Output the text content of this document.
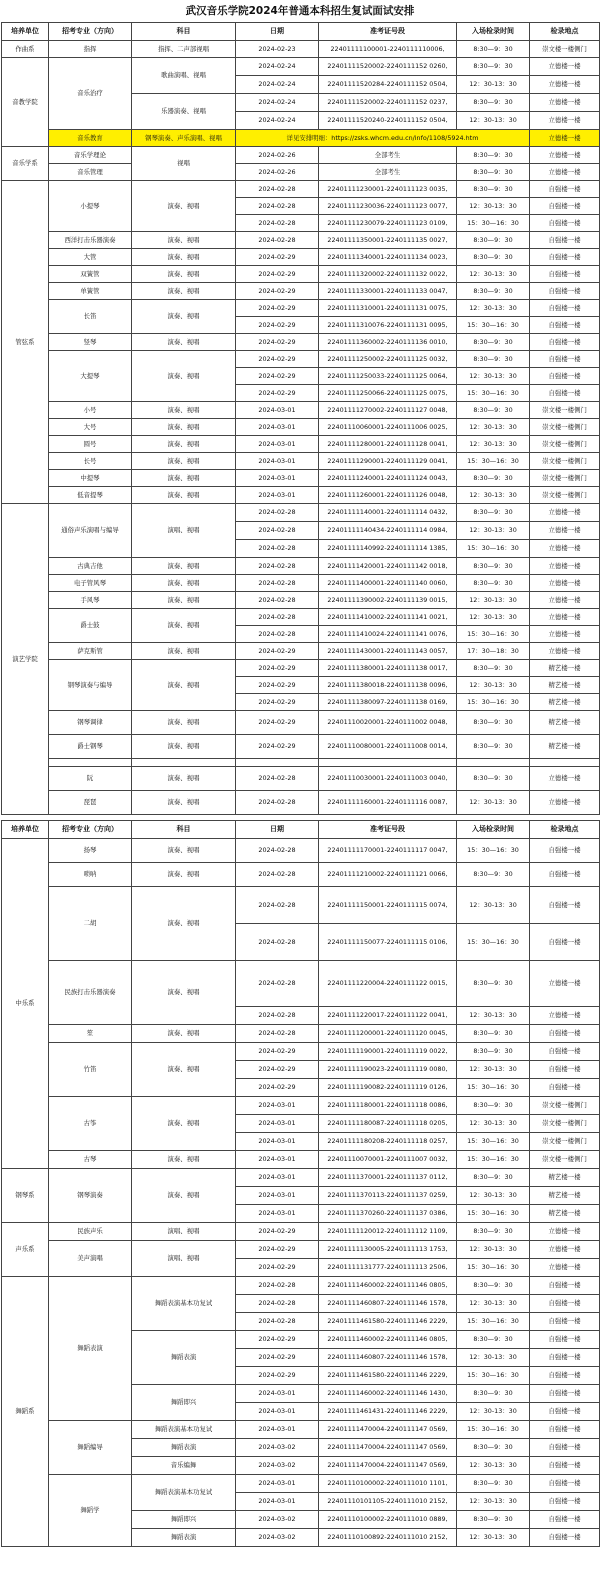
武汉音乐学院2024年普通本科招生复试面试安排
培养单位	招考专业（方向）	科目	日期	准考证号段	入场检录时间	检录地点
作曲系	指挥	指挥、二声部视唱	2024-02-23	22401111100001-2240111110006,	8:30—9：30	崇文楼一楼侧门
音教学院	音乐治疗	歌曲演唱、视唱	2024-02-24	22401111520002-2240111152 0260,	8:30—9：30	立德楼一楼
			2024-02-24	22401111520284-2240111152 0504,	12：30-13：30	立德楼一楼
		乐器演奏、视唱	2024-02-24	22401111520002-2240111152 0237,	8:30—9：30	立德楼一楼
			2024-02-24	22401111520240-2240111152 0504,	12：30-13：30	立德楼一楼
	音乐教育	钢琴演奏、声乐演唱、视唱	详见安排明细：https://zsks.whcm.edu.cn/info/1108/5924.htm			立德楼一楼
音乐学系	音乐学理论	视唱	2024-02-26	全部考生	8:30—9：30	立德楼一楼
	音乐管理		2024-02-26	全部考生	8:30—9：30	立德楼一楼
管弦系	小提琴	演奏、视唱	2024-02-28	22401111230001-2240111123 0035,	8:30—9：30	自强楼一楼
			2024-02-28	22401111230036-2240111123 0077,	12：30-13：30	自强楼一楼
			2024-02-28	22401111230079-2240111123 0109,	15：30—16：30	自强楼一楼
	西洋打击乐器演奏	演奏、视唱	2024-02-28	22401111350001-2240111135 0027,	8:30—9：30	自强楼一楼
	大管	演奏、视唱	2024-02-29	22401111340001-2240111134 0023,	8:30—9：30	自强楼一楼
	双簧管	演奏、视唱	2024-02-29	22401111320002-2240111132 0022,	12：30-13：30	自强楼一楼
	单簧管	演奏、视唱	2024-02-29	22401111330001-2240111133 0047,	8:30—9：30	自强楼一楼
	长笛	演奏、视唱	2024-02-29	22401111310001-2240111131 0075,	12：30-13：30	自强楼一楼
			2024-02-29	22401111310076-2240111131 0095,	15：30—16：30	自强楼一楼
	竖琴	演奏、视唱	2024-02-29	22401111360002-2240111136 0010,	8:30—9：30	自强楼一楼
	大提琴	演奏、视唱	2024-02-29	22401111250002-2240111125 0032,	8:30—9：30	自强楼一楼
			2024-02-29	22401111250033-2240111125 0064,	12：30-13：30	自强楼一楼
			2024-02-29	22401111250066-2240111125 0075,	15：30—16：30	自强楼一楼
	小号	演奏、视唱	2024-03-01	22401111270002-2240111127 0048,	8:30—9：30	崇文楼一楼侧门
	大号	演奏、视唱	2024-03-01	22401110060001-2240111006 0025,	12：30-13：30	崇文楼一楼侧门
	圆号	演奏、视唱	2024-03-01	22401111280001-2240111128 0041,	12：30-13：30	崇文楼一楼侧门
	长号	演奏、视唱	2024-03-01	22401111290001-2240111129 0041,	15：30—16：30	崇文楼一楼侧门
	中提琴	演奏、视唱	2024-03-01	22401111240001-2240111124 0043,	8:30—9：30	崇文楼一楼侧门
	低音提琴	演奏、视唱	2024-03-01	22401111260001-2240111126 0048,	12：30-13：30	崇文楼一楼侧门
演艺学院	通俗声乐演唱与编导	演唱、视唱	2024-02-28	22401111140001-2240111114 0432,	8:30—9：30	立德楼一楼
			2024-02-28	22401111140434-2240111114 0984,	12：30-13：30	立德楼一楼
			2024-02-28	22401111140992-2240111114 1385,	15：30—16：30	立德楼一楼
	古典吉他	演奏、视唱	2024-02-28	22401111420001-2240111142 0018,	8:30—9：30	立德楼一楼
	电子管风琴	演奏、视唱	2024-02-28	22401111400001-2240111140 0060,	8:30—9：30	立德楼一楼
	手风琴	演奏、视唱	2024-02-28	22401111390002-2240111139 0015,	12：30-13：30	立德楼一楼
	爵士鼓	演奏、视唱	2024-02-28	22401111410002-2240111141 0021,	12：30-13：30	立德楼一楼
			2024-02-28	22401111410024-2240111141 0076,	15：30—16：30	立德楼一楼
	萨克斯管	演奏、视唱	2024-02-29	22401111430001-2240111143 0057,	17：30—18：30	立德楼一楼
	钢琴演奏与编导	演奏、视唱	2024-02-29	22401111380001-2240111138 0017,	8:30—9：30	精艺楼一楼
			2024-02-29	22401111380018-2240111138 0096,	12：30-13：30	精艺楼一楼
			2024-02-29	22401111380097-2240111138 0169,	15：30—16：30	精艺楼一楼
	钢琴调律	演奏、视唱	2024-02-29	22401110020001-2240111002 0048,	8:30—9：30	精艺楼一楼
	爵士钢琴	演奏、视唱	2024-02-29	22401110080001-2240111008 0014,	8:30—9：30	精艺楼一楼

	阮	演奏、视唱	2024-02-28	22401110030001-2240111003 0040,	8:30—9：30	立德楼一楼
	琵琶	演奏、视唱	2024-02-28	22401111160001-2240111116 0087,	12：30-13：30	立德楼一楼
培养单位	招考专业（方向）	科目	日期	准考证号段	入场检录时间	检录地点
中乐系	扬琴	演奏、视唱	2024-02-28	22401111170001-2240111117 0047,	15：30—16：30	自强楼一楼
	唢呐	演奏、视唱	2024-02-28	22401111210002-2240111121 0066,	8:30—9：30	自强楼一楼
	二胡	演奏、视唱	2024-02-28	22401111150001-2240111115 0074,	12：30-13：30	自强楼一楼
			2024-02-28	22401111150077-2240111115 0106,	15：30—16：30	自强楼一楼
	民族打击乐器演奏	演奏、视唱	2024-02-28	22401111220004-2240111122 0015,	8:30—9：30	立德楼一楼
			2024-02-28	22401111220017-2240111122 0041,	12：30-13：30	立德楼一楼
	笙	演奏、视唱	2024-02-28	22401111200001-2240111120 0045,	8:30—9：30	自强楼一楼
	竹笛	演奏、视唱	2024-02-29	22401111190001-2240111119 0022,	8:30—9：30	自强楼一楼
			2024-02-29	22401111190023-2240111119 0080,	12：30-13：30	自强楼一楼
			2024-02-29	22401111190082-2240111119 0126,	15：30—16：30	自强楼一楼
	古筝	演奏、视唱	2024-03-01	22401111180001-2240111118 0086,	8:30—9：30	崇文楼一楼侧门
			2024-03-01	22401111180087-2240111118 0205,	12：30-13：30	崇文楼一楼侧门
			2024-03-01	22401111180208-2240111118 0257,	15：30—16：30	崇文楼一楼侧门
	古琴	演奏、视唱	2024-03-01	22401110070001-2240111007 0032,	15：30—16：30	崇文楼一楼侧门
钢琴系	钢琴演奏	演奏、视唱	2024-03-01	22401111370001-2240111137 0112,	8:30—9：30	精艺楼一楼
			2024-03-01	22401111370113-2240111137 0259,	12：30-13：30	精艺楼一楼
			2024-03-01	22401111370260-2240111137 0386,	15：30—16：30	精艺楼一楼
声乐系	民族声乐	演唱、视唱	2024-02-29	22401111120012-2240111112 1109,	8:30—9：30	立德楼一楼
	美声演唱	演唱、视唱	2024-02-29	22401111130005-2240111113 1753,	12：30-13：30	立德楼一楼
			2024-02-29	22401111131777-2240111113 2506,	15：30—16：30	立德楼一楼
舞蹈系	舞蹈表演	舞蹈表演基本功复试	2024-02-28	22401111460002-2240111146 0805,	8:30—9：30	自强楼一楼
			2024-02-28	22401111460807-2240111146 1578,	12：30-13：30	自强楼一楼
			2024-02-28	22401111461580-2240111146 2229,	15：30—16：30	自强楼一楼
		舞蹈表演	2024-02-29	22401111460002-2240111146 0805,	8:30—9：30	自强楼一楼
			2024-02-29	22401111460807-2240111146 1578,	12：30-13：30	自强楼一楼
			2024-02-29	22401111461580-2240111146 2229,	15：30—16：30	自强楼一楼
		舞蹈即兴	2024-03-01	22401111460002-2240111146 1430,	8:30—9：30	自强楼一楼
			2024-03-01	22401111461431-2240111146 2229,	12：30-13：30	自强楼一楼
	舞蹈编导	舞蹈表演基本功复试	2024-03-01	22401111470004-2240111147 0569,	15：30—16：30	自强楼一楼
		舞蹈表演	2024-03-02	22401111470004-2240111147 0569,	8:30—9：30	自强楼一楼
		音乐编舞	2024-03-02	22401111470004-2240111147 0569,	12：30-13：30	自强楼一楼
	舞蹈学	舞蹈表演基本功复试	2024-03-01	22401110100002-2240111010 1101,	8:30—9：30	自强楼一楼
			2024-03-01	22401110101105-2240111010 2152,	12：30-13：30	自强楼一楼
		舞蹈即兴	2024-03-02	22401110100002-2240111010 0889,	8:30—9：30	自强楼一楼
		舞蹈表演	2024-03-02	22401110100892-2240111010 2152,	12：30-13：30	自强楼一楼
